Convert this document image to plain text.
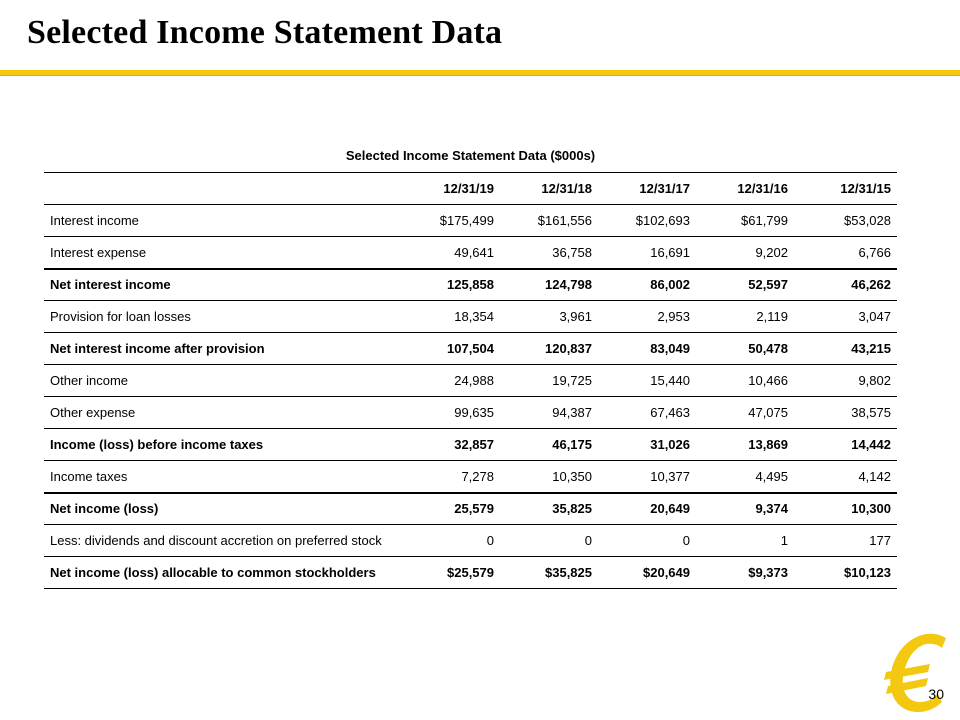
Selected Income Statement Data
Selected Income Statement Data ($000s)
	12/31/19	12/31/18	12/31/17	12/31/16	12/31/15
Interest income	$175,499	$161,556	$102,693	$61,799	$53,028
Interest expense	49,641	36,758	16,691	9,202	6,766
Net interest income	125,858	124,798	86,002	52,597	46,262
Provision for loan losses	18,354	3,961	2,953	2,119	3,047
Net interest income after provision	107,504	120,837	83,049	50,478	43,215
Other income	24,988	19,725	15,440	10,466	9,802
Other expense	99,635	94,387	67,463	47,075	38,575
Income (loss) before income taxes	32,857	46,175	31,026	13,869	14,442
Income taxes	7,278	10,350	10,377	4,495	4,142
Net income (loss)	25,579	35,825	20,649	9,374	10,300
Less: dividends and discount accretion on preferred stock	0	0	0	1	177
Net income (loss) allocable to common stockholders	$25,579	$35,825	$20,649	$9,373	$10,123
30
